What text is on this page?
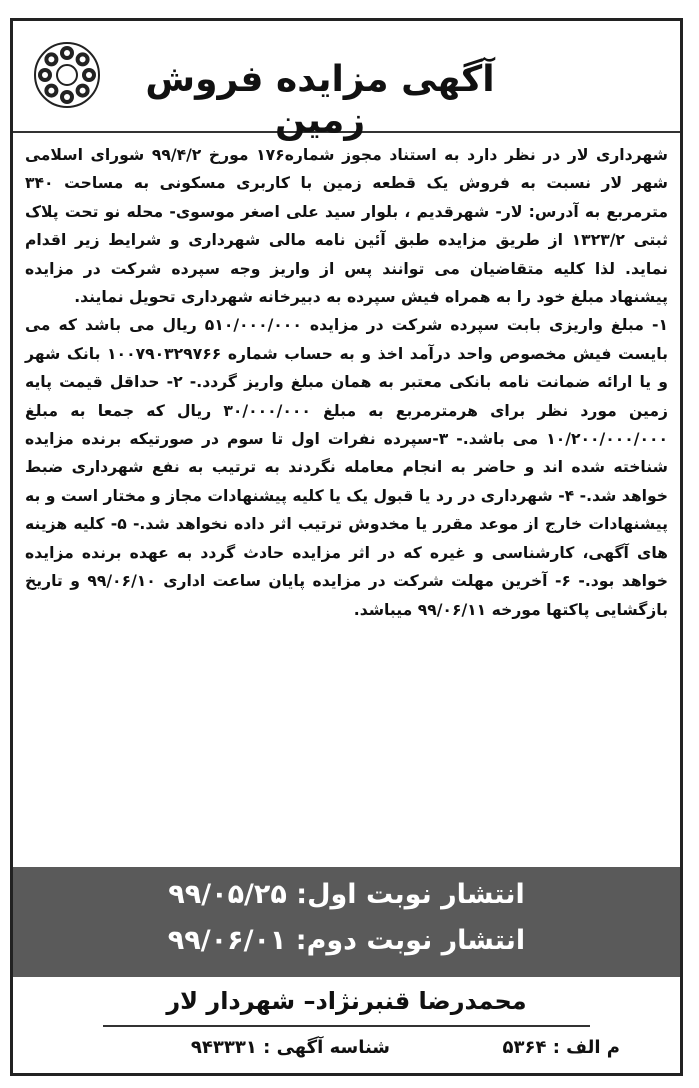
آگهی مزایده فروش زمین

شهرداری لار در نظر دارد به استناد مجوز شماره۱۷۶ مورخ ۹۹/۴/۲ شورای اسلامی شهر لار نسبت به فروش یک قطعه زمین با کاربری مسکونی به مساحت ۳۴۰ مترمربع به آدرس: لار- شهرقدیم ، بلوار سید علی اصغر موسوی- محله نو تحت پلاک ثبتی ۱۳۲۳/۲ از طریق مزایده طبق آئین نامه مالی شهرداری و شرایط زیر اقدام نماید. لذا کلیه متقاضیان می توانند پس از واریز وجه سپرده شرکت در مزایده پیشنهاد مبلغ خود را به همراه فیش سپرده به دبیرخانه شهرداری تحویل نمایند.

۱- مبلغ واریزی بابت سپرده شرکت در مزایده ۵۱۰/۰۰۰/۰۰۰ ریال می باشد که می بایست فیش مخصوص واحد درآمد اخذ و به حساب شماره ۱۰۰۷۹۰۳۲۹۷۶۶ بانک شهر و یا ارائه ضمانت نامه بانکی معتبر به همان مبلغ واریز گردد.- ۲- حداقل قیمت پایه زمین مورد نظر برای هرمترمربع به مبلغ ۳۰/۰۰۰/۰۰۰ ریال که جمعا به مبلغ ۱۰/۲۰۰/۰۰۰/۰۰۰ می باشد.- ۳-سپرده نفرات اول تا سوم در صورتیکه برنده مزایده شناخته شده اند و حاضر به انجام معامله نگردند به ترتیب به نفع شهرداری ضبط خواهد شد.- ۴- شهرداری در رد یا قبول یک یا کلیه پیشنهادات مجاز و مختار است و به پیشنهادات خارج از موعد مقرر یا مخدوش ترتیب اثر داده نخواهد شد.- ۵- کلیه هزینه های آگهی، کارشناسی و غیره که در اثر مزایده حادث گردد به عهده برنده مزایده خواهد بود.- ۶- آخرین مهلت شرکت در مزایده پایان ساعت اداری ۹۹/۰۶/۱۰ و تاریخ بازگشایی پاکتها مورخه ۹۹/۰۶/۱۱ میباشد.

انتشار نوبت اول: ۹۹/۰۵/۲۵
انتشار نوبت دوم: ۹۹/۰۶/۰۱
محمدرضا قنبرنژاد– شهردار لار
م الف : ۵۳۶۴
شناسه آگهی : ۹۴۳۳۳۱
